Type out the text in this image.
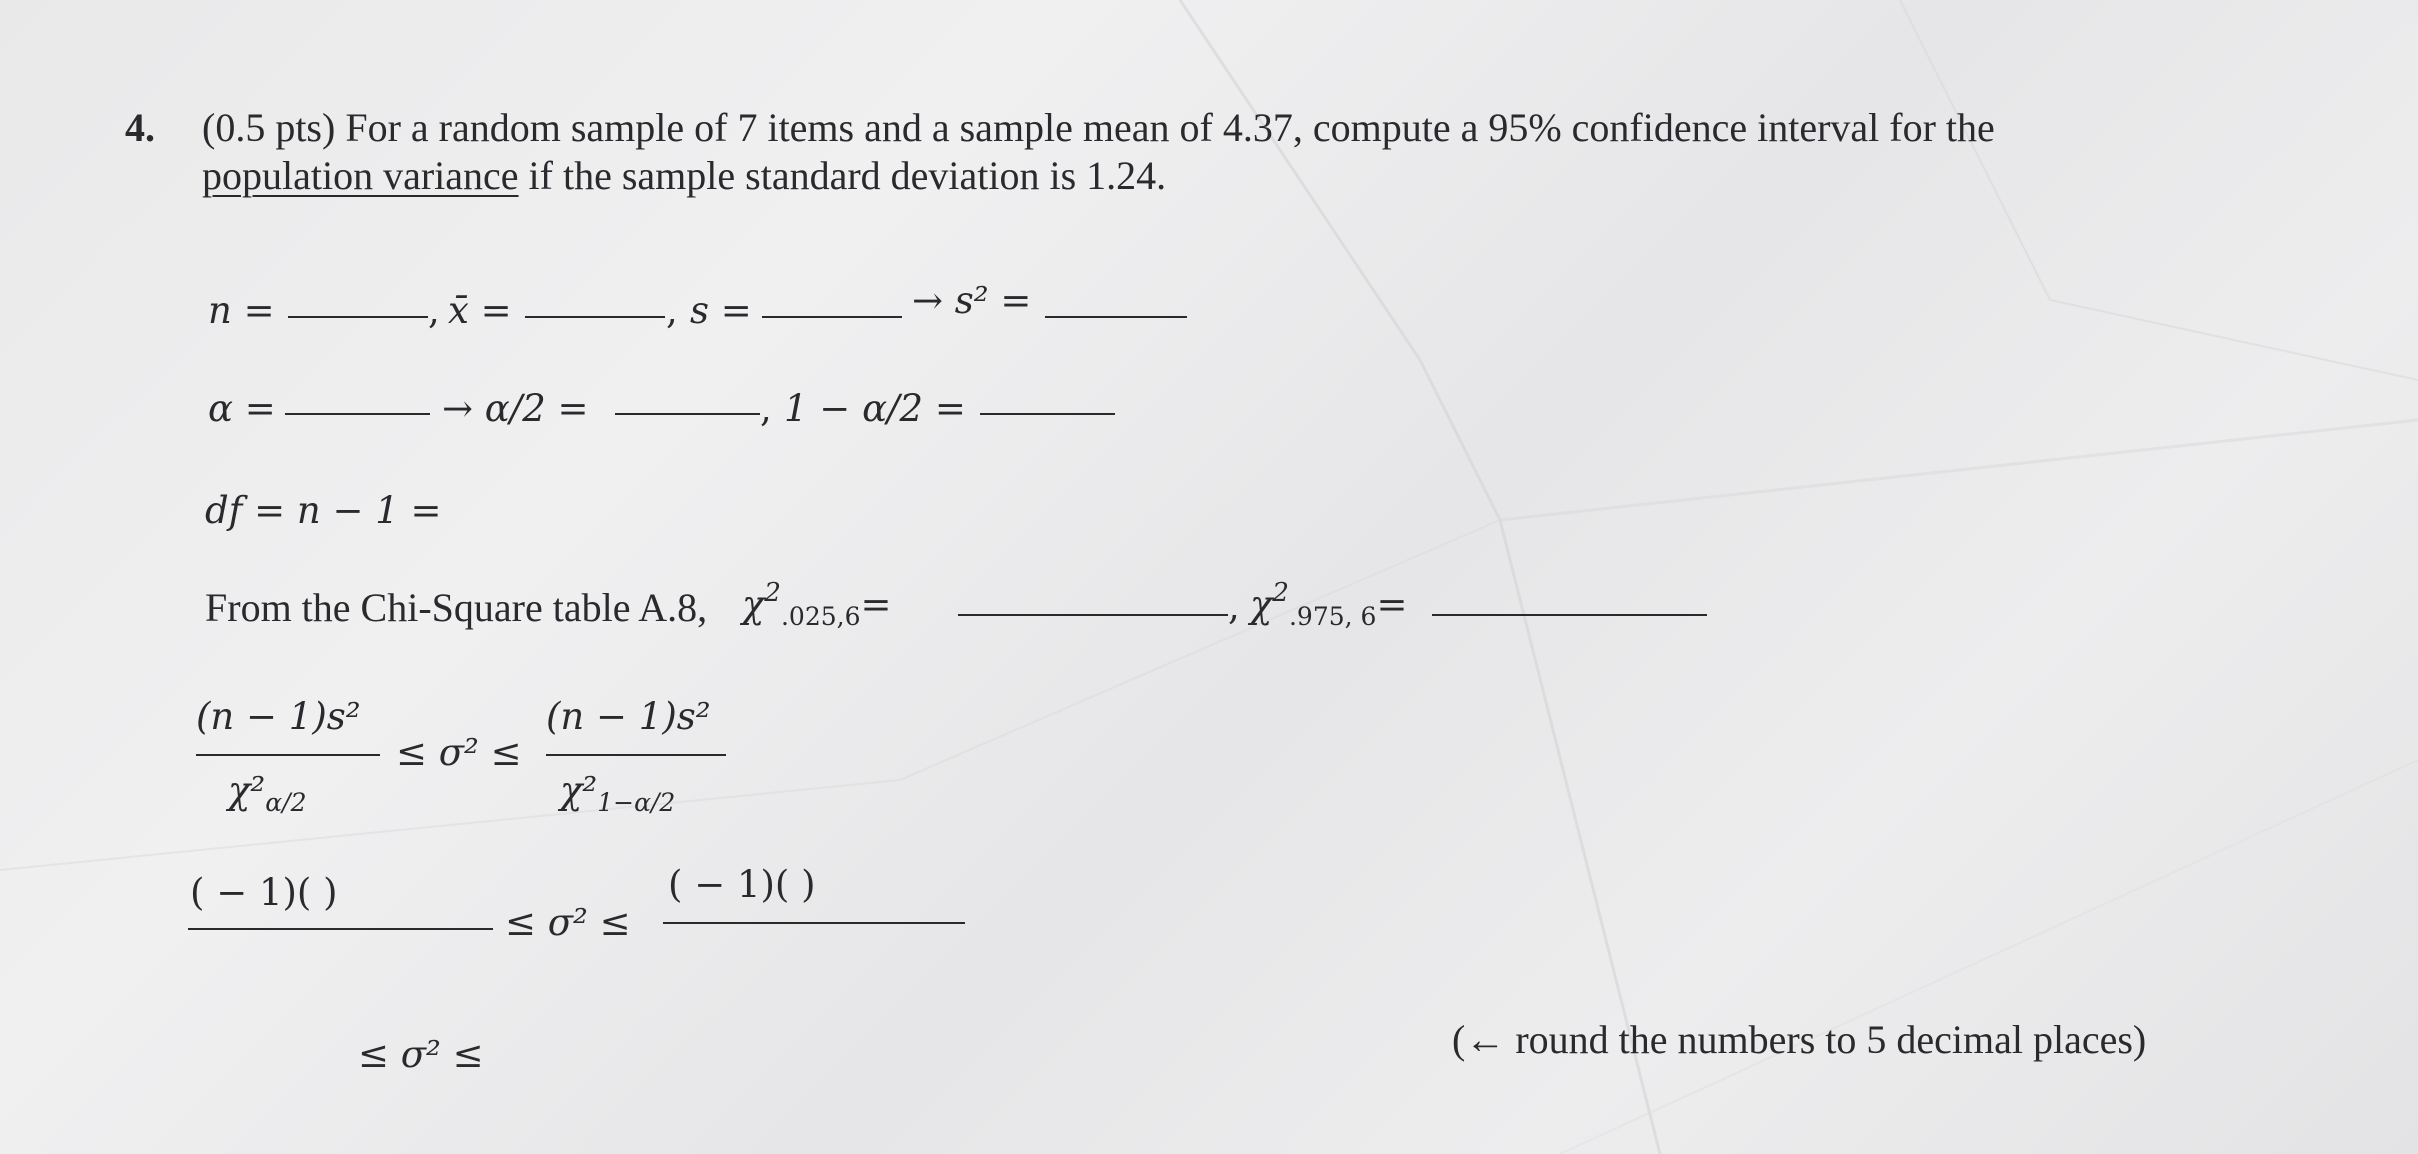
4. (0.5 pts) For a random sample of 7 items and a sample mean of 4.37, compute a 95% confidence interval for the
population variance if the sample standard deviation is 1.24.
n =	, x̄ =	, s =	→ s² =
α =	→ α/2 =	, 1 − α/2 =
df = n − 1 =
From the Chi-Square table A.8, $\chi^2_{.025,6}=$	, $\chi^2_{.975, 6}=$
(n − 1)s²
$\chi^2_{\alpha/2}$
≤ σ² ≤
(n − 1)s²
$\chi^2_{1-\alpha/2}$
( − 1)( )
≤ σ² ≤
( − 1)( )
≤ σ² ≤	(← round the numbers to 5 decimal places)
